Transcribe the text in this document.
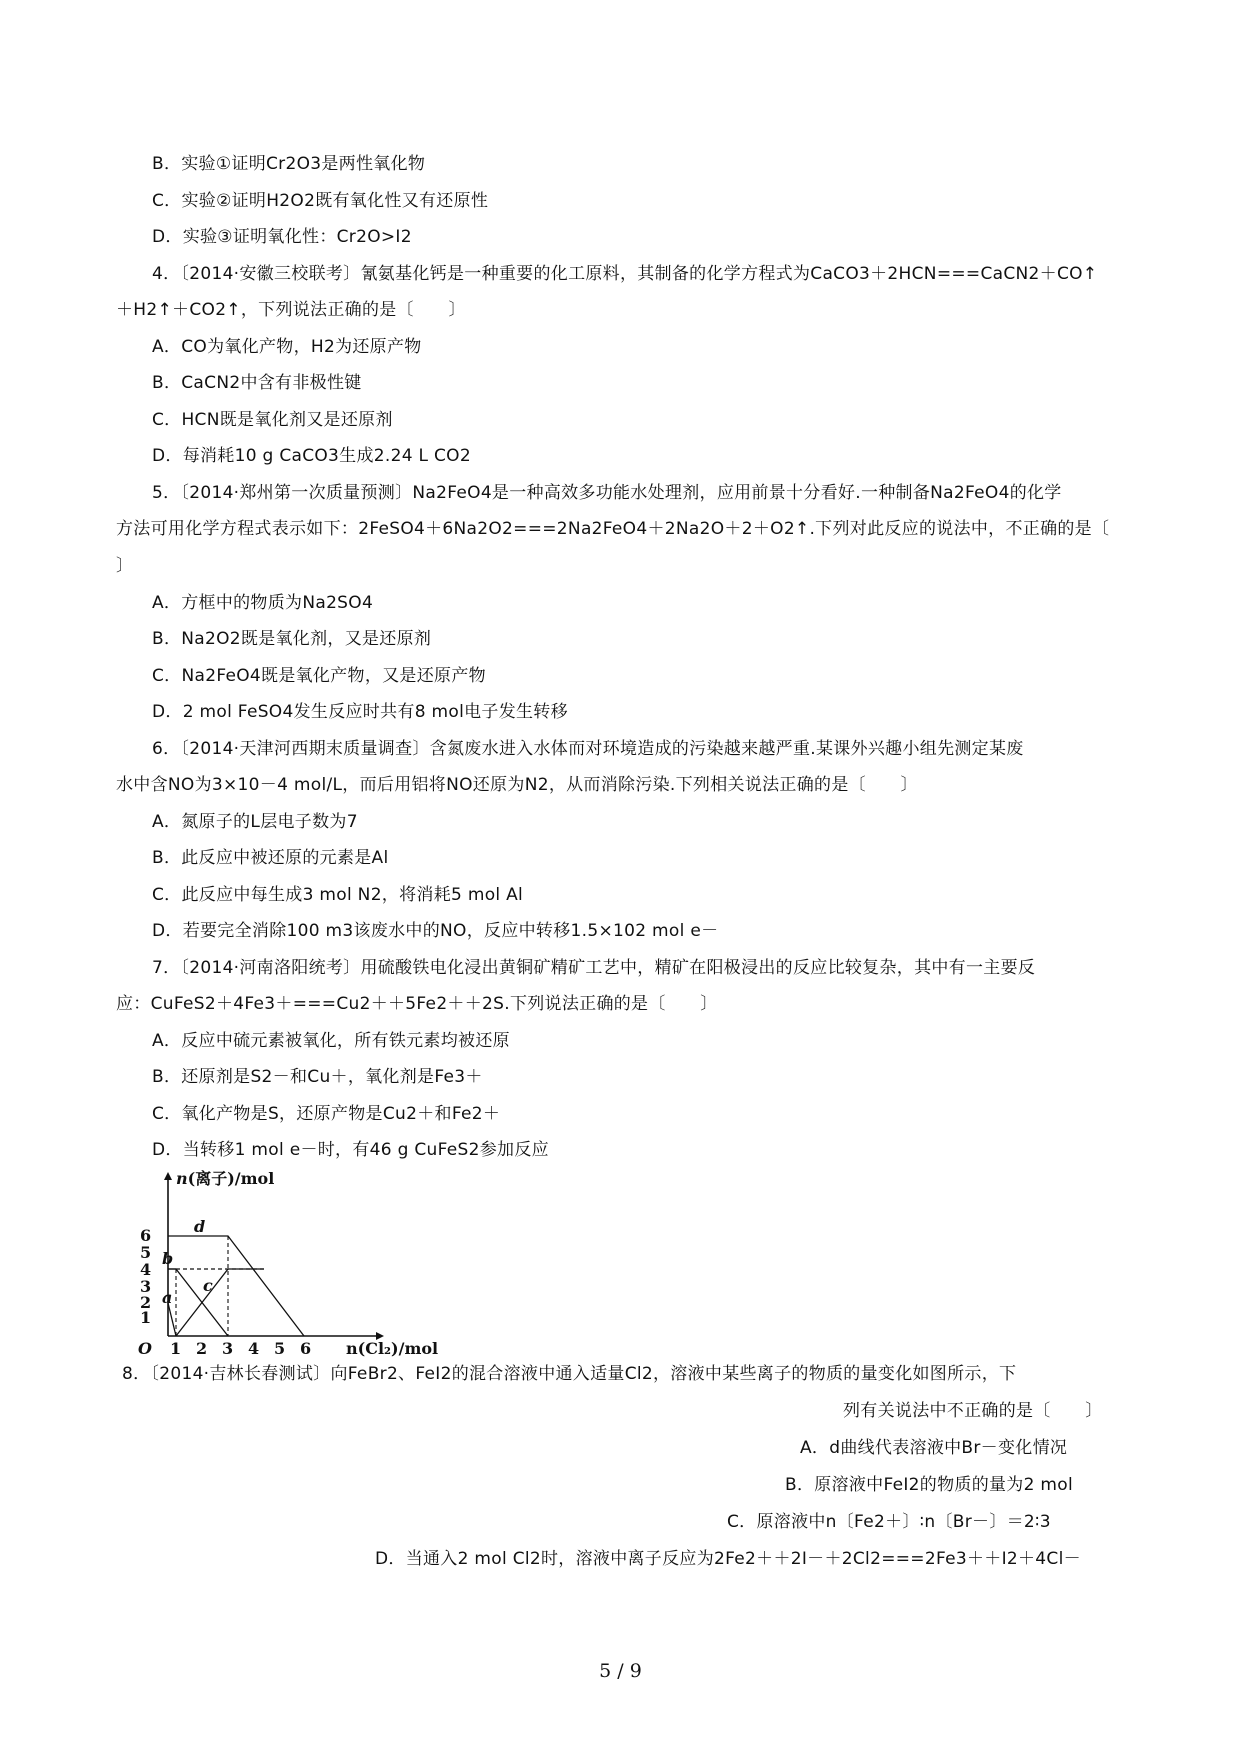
B．实验①证明Cr2O3是两性氧化物
C．实验②证明H2O2既有氧化性又有还原性
D．实验③证明氧化性：Cr2O>I2
4．〔2014·安徽三校联考〕氰氨基化钙是一种重要的化工原料，其制备的化学方程式为CaCO3＋2HCN===CaCN2＋CO↑
＋H2↑＋CO2↑，下列说法正确的是〔　　〕
A．CO为氧化产物，H2为还原产物
B．CaCN2中含有非极性键
C．HCN既是氧化剂又是还原剂
D．每消耗10 g CaCO3生成2.24 L CO2
5．〔2014·郑州第一次质量预测〕Na2FeO4是一种高效多功能水处理剂，应用前景十分看好.一种制备Na2FeO4的化学
方法可用化学方程式表示如下：2FeSO4＋6Na2O2===2Na2FeO4＋2Na2O＋2＋O2↑.下列对此反应的说法中，不正确的是〔
〕
A．方框中的物质为Na2SO4
B．Na2O2既是氧化剂，又是还原剂
C．Na2FeO4既是氧化产物，又是还原产物
D．2 mol FeSO4发生反应时共有8 mol电子发生转移
6．〔2014·天津河西期末质量调查〕含氮废水进入水体而对环境造成的污染越来越严重.某课外兴趣小组先测定某废
水中含NO为3×10－4 mol/L，而后用铝将NO还原为N2，从而消除污染.下列相关说法正确的是〔　　〕
A．氮原子的L层电子数为7
B．此反应中被还原的元素是Al
C．此反应中每生成3 mol N2，将消耗5 mol Al
D．若要完全消除100 m3该废水中的NO，反应中转移1.5×102 mol e－
7．〔2014·河南洛阳统考〕用硫酸铁电化浸出黄铜矿精矿工艺中，精矿在阳极浸出的反应比较复杂，其中有一主要反
应：CuFeS2＋4Fe3＋===Cu2＋＋5Fe2＋＋2S.下列说法正确的是〔　　〕
A．反应中硫元素被氧化，所有铁元素均被还原
B．还原剂是S2－和Cu＋，氧化剂是Fe3＋
C．氧化产物是S，还原产物是Cu2＋和Fe2＋
D．当转移1 mol e－时，有46 g CuFeS2参加反应
n(离子)/mol
n(Cl₂)/mol
O
1
2
3
4
5
6
1 2 3 4 5 6
a
b
c
d
8．〔2014·吉林长春测试〕向FeBr2、FeI2的混合溶液中通入适量Cl2，溶液中某些离子的物质的量变化如图所示，下
列有关说法中不正确的是〔　　〕
A．d曲线代表溶液中Br－变化情况
B．原溶液中FeI2的物质的量为2 mol
C．原溶液中n〔Fe2＋〕∶n〔Br－〕＝2∶3
D．当通入2 mol Cl2时，溶液中离子反应为2Fe2＋＋2I－＋2Cl2===2Fe3＋＋I2＋4Cl－
5 / 9
